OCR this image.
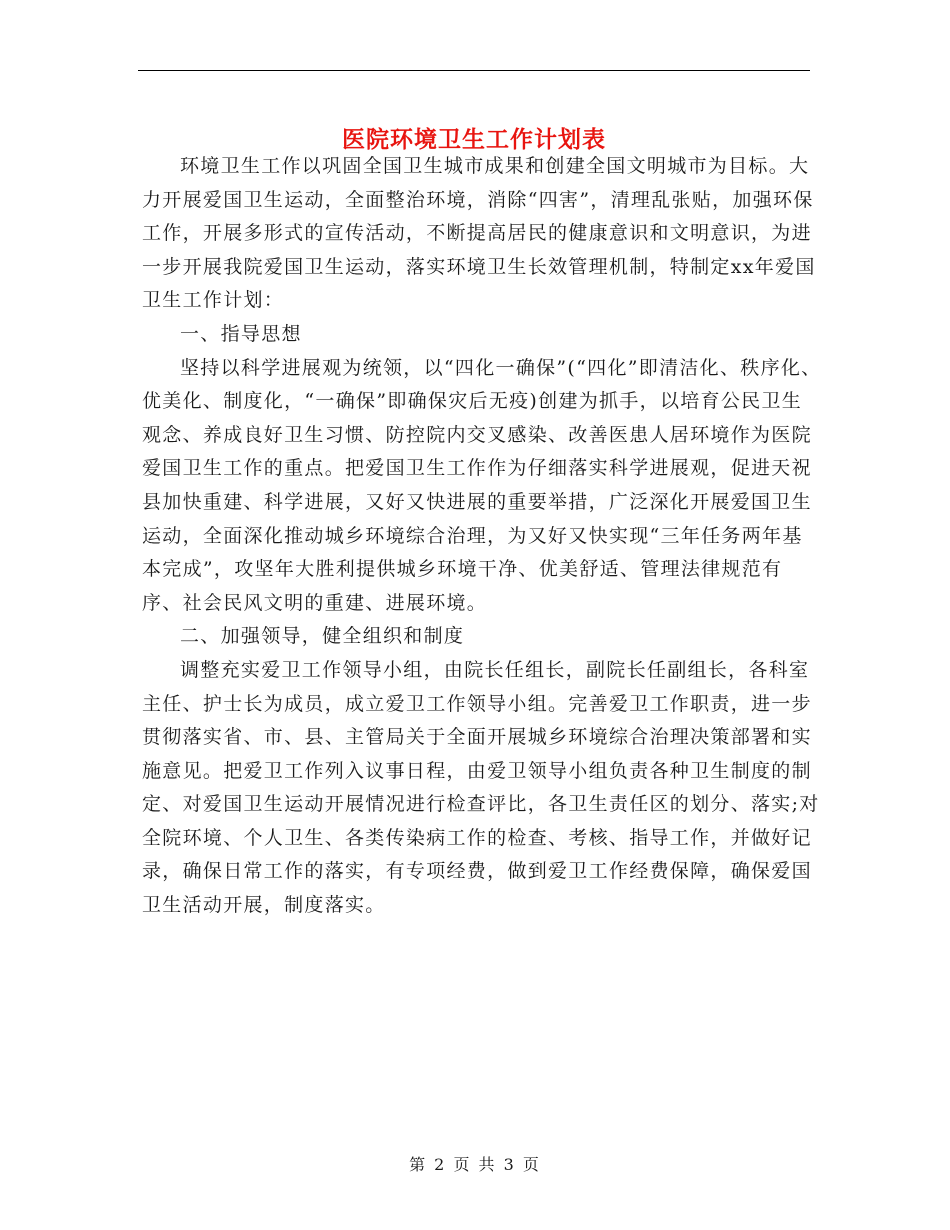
医院环境卫生工作计划表

环境卫生工作以巩固全国卫生城市成果和创建全国文明城市为目标。大力开展爱国卫生运动，全面整治环境，消除“四害”，清理乱张贴，加强环保工作，开展多形式的宣传活动，不断提高居民的健康意识和文明意识，为进一步开展我院爱国卫生运动，落实环境卫生长效管理机制，特制定xx年爱国卫生工作计划：

一、指导思想

坚持以科学进展观为统领，以“四化一确保”(“四化”即清洁化、秩序化、优美化、制度化，“一确保”即确保灾后无疫)创建为抓手，以培育公民卫生观念、养成良好卫生习惯、防控院内交叉感染、改善医患人居环境作为医院爱国卫生工作的重点。把爱国卫生工作作为仔细落实科学进展观，促进天祝县加快重建、科学进展，又好又快进展的重要举措，广泛深化开展爱国卫生运动，全面深化推动城乡环境综合治理，为又好又快实现“三年任务两年基本完成”，攻坚年大胜利提供城乡环境干净、优美舒适、管理法律规范有序、社会民风文明的重建、进展环境。

二、加强领导，健全组织和制度

调整充实爱卫工作领导小组，由院长任组长，副院长任副组长，各科室主任、护士长为成员，成立爱卫工作领导小组。完善爱卫工作职责，进一步贯彻落实省、市、县、主管局关于全面开展城乡环境综合治理决策部署和实施意见。把爱卫工作列入议事日程，由爱卫领导小组负责各种卫生制度的制定、对爱国卫生运动开展情况进行检查评比，各卫生责任区的划分、落实;对全院环境、个人卫生、各类传染病工作的检查、考核、指导工作，并做好记录，确保日常工作的落实，有专项经费，做到爱卫工作经费保障，确保爱国卫生活动开展，制度落实。

第 2 页 共 3 页
